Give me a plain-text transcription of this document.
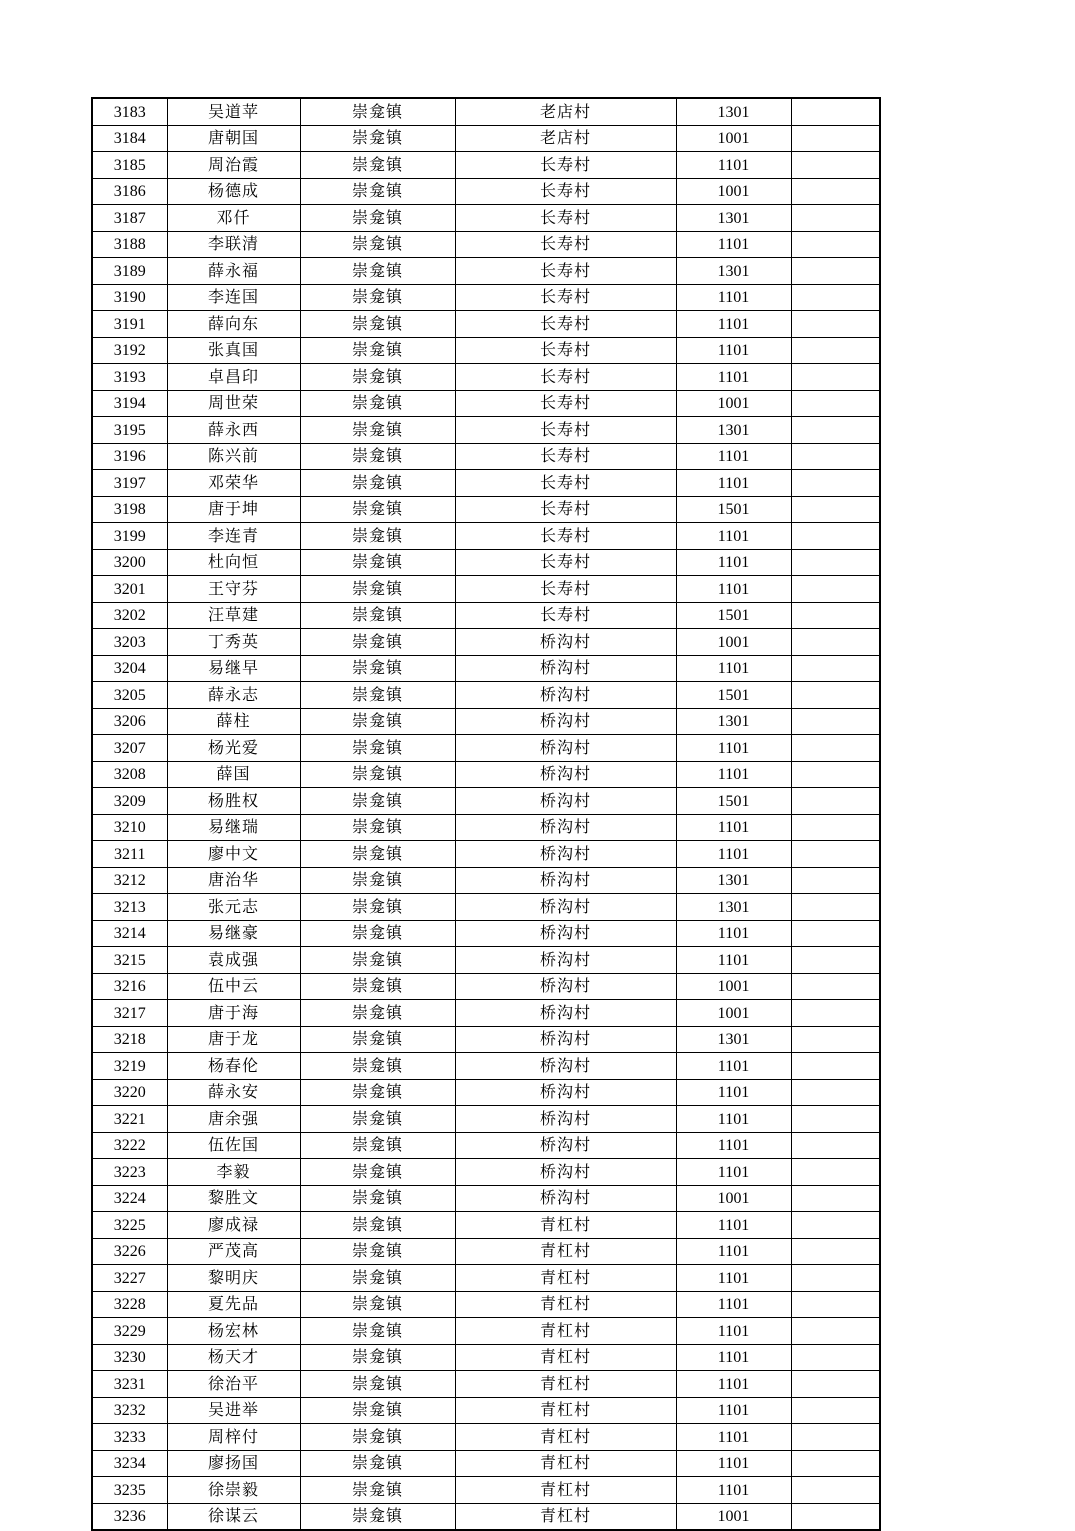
3183	吴道苹	崇龛镇	老店村	1301	
3184	唐朝国	崇龛镇	老店村	1001	
3185	周治霞	崇龛镇	长寿村	1101	
3186	杨德成	崇龛镇	长寿村	1001	
3187	邓仟	崇龛镇	长寿村	1301	
3188	李联清	崇龛镇	长寿村	1101	
3189	薛永福	崇龛镇	长寿村	1301	
3190	李连国	崇龛镇	长寿村	1101	
3191	薛向东	崇龛镇	长寿村	1101	
3192	张真国	崇龛镇	长寿村	1101	
3193	卓昌印	崇龛镇	长寿村	1101	
3194	周世荣	崇龛镇	长寿村	1001	
3195	薛永西	崇龛镇	长寿村	1301	
3196	陈兴前	崇龛镇	长寿村	1101	
3197	邓荣华	崇龛镇	长寿村	1101	
3198	唐于坤	崇龛镇	长寿村	1501	
3199	李连青	崇龛镇	长寿村	1101	
3200	杜向恒	崇龛镇	长寿村	1101	
3201	王守芬	崇龛镇	长寿村	1101	
3202	汪草建	崇龛镇	长寿村	1501	
3203	丁秀英	崇龛镇	桥沟村	1001	
3204	易继早	崇龛镇	桥沟村	1101	
3205	薛永志	崇龛镇	桥沟村	1501	
3206	薛柱	崇龛镇	桥沟村	1301	
3207	杨光爱	崇龛镇	桥沟村	1101	
3208	薛国	崇龛镇	桥沟村	1101	
3209	杨胜权	崇龛镇	桥沟村	1501	
3210	易继瑞	崇龛镇	桥沟村	1101	
3211	廖中文	崇龛镇	桥沟村	1101	
3212	唐治华	崇龛镇	桥沟村	1301	
3213	张元志	崇龛镇	桥沟村	1301	
3214	易继豪	崇龛镇	桥沟村	1101	
3215	袁成强	崇龛镇	桥沟村	1101	
3216	伍中云	崇龛镇	桥沟村	1001	
3217	唐于海	崇龛镇	桥沟村	1001	
3218	唐于龙	崇龛镇	桥沟村	1301	
3219	杨春伦	崇龛镇	桥沟村	1101	
3220	薛永安	崇龛镇	桥沟村	1101	
3221	唐余强	崇龛镇	桥沟村	1101	
3222	伍佐国	崇龛镇	桥沟村	1101	
3223	李毅	崇龛镇	桥沟村	1101	
3224	黎胜文	崇龛镇	桥沟村	1001	
3225	廖成禄	崇龛镇	青杠村	1101	
3226	严茂高	崇龛镇	青杠村	1101	
3227	黎明庆	崇龛镇	青杠村	1101	
3228	夏先品	崇龛镇	青杠村	1101	
3229	杨宏林	崇龛镇	青杠村	1101	
3230	杨天才	崇龛镇	青杠村	1101	
3231	徐治平	崇龛镇	青杠村	1101	
3232	吴进举	崇龛镇	青杠村	1101	
3233	周梓付	崇龛镇	青杠村	1101	
3234	廖扬国	崇龛镇	青杠村	1101	
3235	徐崇毅	崇龛镇	青杠村	1101	
3236	徐谋云	崇龛镇	青杠村	1001	
